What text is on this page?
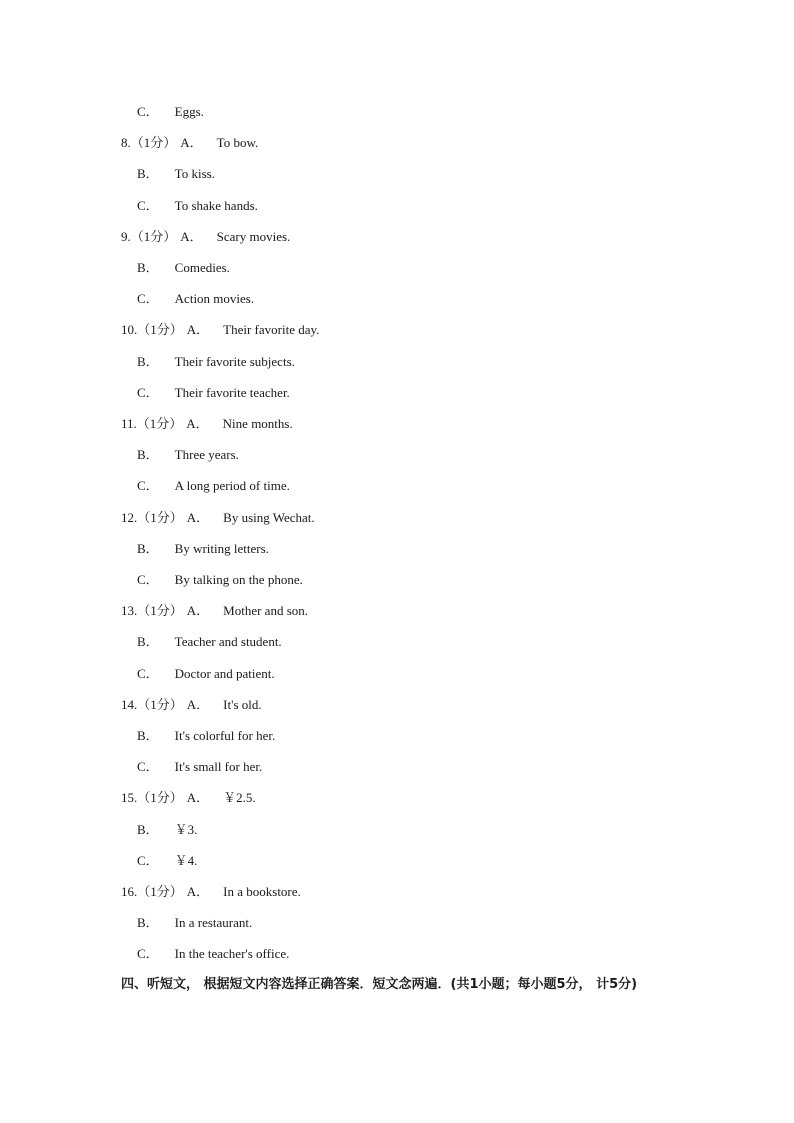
C． Eggs.
8.（1分） A． To bow.
B． To kiss.
C． To shake hands.
9.（1分） A． Scary movies.
B． Comedies.
C． Action movies.
10.（1分） A． Their favorite day.
B． Their favorite subjects.
C． Their favorite teacher.
11.（1分） A． Nine months.
B． Three years.
C． A long period of time.
12.（1分） A． By using Wechat.
B． By writing letters.
C． By talking on the phone.
13.（1分） A． Mother and son.
B． Teacher and student.
C． Doctor and patient.
14.（1分） A． It's old.
B． It's colorful for her.
C． It's small for her.
15.（1分） A． ￥2.5.
B． ￥3.
C． ￥4.
16.（1分） A． In a bookstore.
B． In a restaurant.
C． In the teacher's office.
四、听短文， 根据短文内容选择正确答案．短文念两遍．(共1小题；每小题5分， 计5分)
